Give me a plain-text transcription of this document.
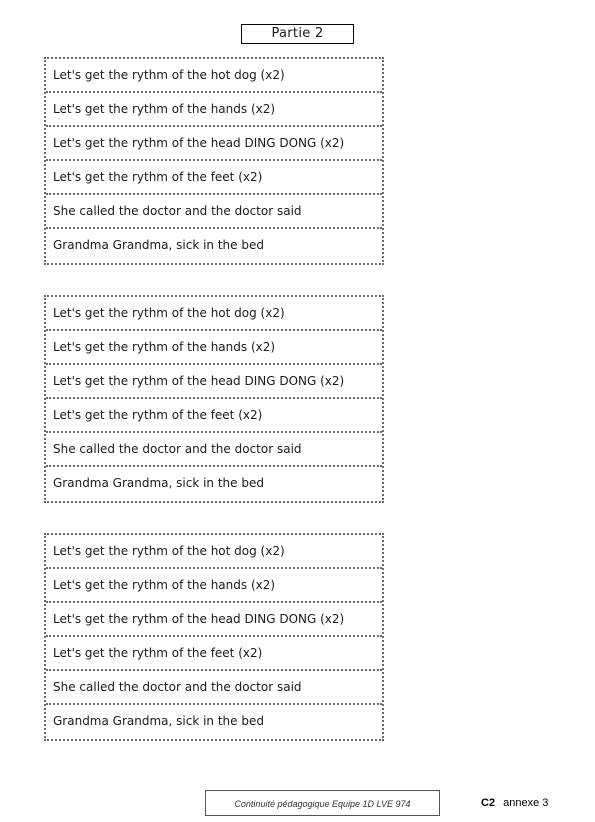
Partie 2
Let's get the rythm of the hot dog (x2)
Let's get the rythm of the hands (x2)
Let's get the rythm of the head DING DONG (x2)
Let's get the rythm of the feet (x2)
She called the doctor and the doctor said
Grandma Grandma, sick in the bed
Let's get the rythm of the hot dog (x2)
Let's get the rythm of the hands (x2)
Let's get the rythm of the head DING DONG (x2)
Let's get the rythm of the feet (x2)
She called the doctor and the doctor said
Grandma Grandma, sick in the bed
Let's get the rythm of the hot dog (x2)
Let's get the rythm of the hands (x2)
Let's get the rythm of the head DING DONG (x2)
Let's get the rythm of the feet (x2)
She called the doctor and the doctor said
Grandma Grandma, sick in the bed
Continuité pédagogique Equipe 1D LVE 974	C2 annexe 3
